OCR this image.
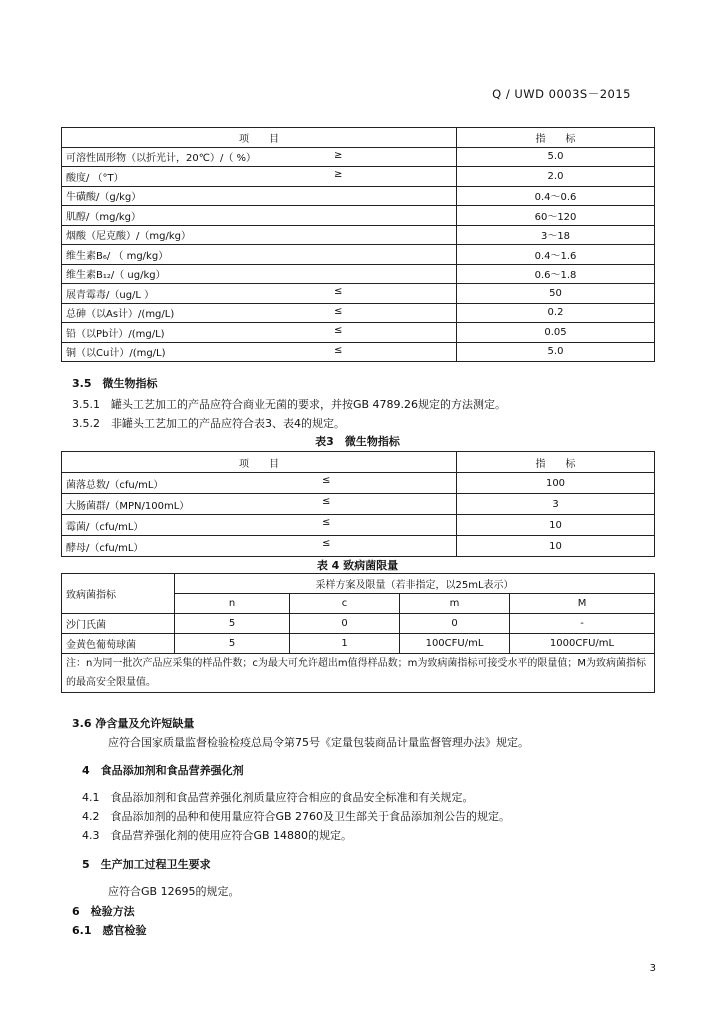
Q / UWD 0003S－2015
项　　目	指　　标
可溶性固形物（以折光计，20℃）/（ %） ≥	5.0
酸度/ （°T） ≥	2.0
牛磺酸/（g/kg）	0.4～0.6
肌醇/（mg/kg）	60～120
烟酸（尼克酸）/（mg/kg）	3～18
维生素B₆/ （ mg/kg）	0.4～1.6
维生素B₁₂/（ ug/kg）	0.6～1.8
展青霉毒/（ug/L ） ≤	50
总砷（以As计）/(mg/L) ≤	0.2
铅（以Pb计）/(mg/L) ≤	0.05
铜（以Cu计）/(mg/L) ≤	5.0
3.5　微生物指标
3.5.1　罐头工艺加工的产品应符合商业无菌的要求，并按GB 4789.26规定的方法测定。
3.5.2　非罐头工艺加工的产品应符合表3、表4的规定。
表3　微生物指标
项　　目	指　　标
菌落总数/（cfu/mL） ≤	100
大肠菌群/（MPN/100mL） ≤	3
霉菌/（cfu/mL） ≤	10
酵母/（cfu/mL） ≤	10
表 4 致病菌限量
致病菌指标	采样方案及限量（若非指定，以25mL表示）			
	n	c	m	M
沙门氏菌	5	0	0	-
金黄色葡萄球菌	5	1	100CFU/mL	1000CFU/mL
注：n为同一批次产品应采集的样品件数；c为最大可允许超出m值得样品数；m为致病菌指标可接受水平的限量值；M为致病菌指标的最高安全限量值。				
3.6 净含量及允许短缺量
应符合国家质量监督检验检疫总局令第75号《定量包装商品计量监督管理办法》规定。
4　食品添加剂和食品营养强化剂
4.1　食品添加剂和食品营养强化剂质量应符合相应的食品安全标准和有关规定。
4.2　食品添加剂的品种和使用量应符合GB 2760及卫生部关于食品添加剂公告的规定。
4.3　食品营养强化剂的使用应符合GB 14880的规定。
5　生产加工过程卫生要求
应符合GB 12695的规定。
6　检验方法
6.1　感官检验
3
